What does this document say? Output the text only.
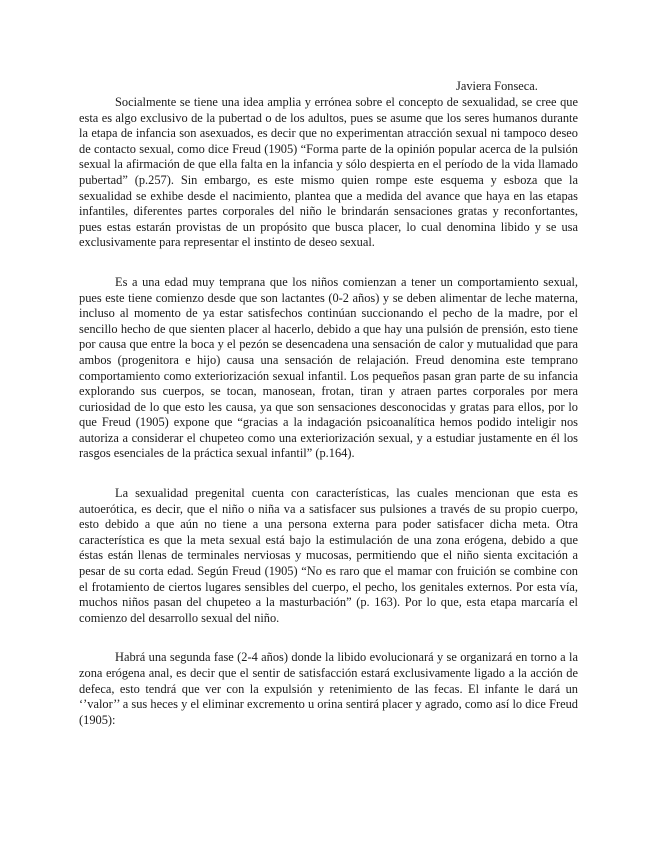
Javiera Fonseca.

Socialmente se tiene una idea amplia y errónea sobre el concepto de sexualidad, se cree que esta es algo exclusivo de la pubertad o de los adultos, pues se asume que los seres humanos durante la etapa de infancia son asexuados, es decir que no experimentan atracción sexual ni tampoco deseo de contacto sexual, como dice Freud (1905) “Forma parte de la opinión popular acerca de la pulsión sexual la afirmación de que ella falta en la infancia y sólo despierta en el período de la vida llamado pubertad” (p.257). Sin embargo, es este mismo quien rompe este esquema y esboza que la sexualidad se exhibe desde el nacimiento, plantea que a medida del avance que haya en las etapas infantiles, diferentes partes corporales del niño le brindarán sensaciones gratas y reconfortantes, pues estas estarán provistas de un propósito que busca placer, lo cual denomina libido y se usa exclusivamente para representar el instinto de deseo sexual.

Es a una edad muy temprana que los niños comienzan a tener un comportamiento sexual, pues este tiene comienzo desde que son lactantes (0-2 años) y se deben alimentar de leche materna, incluso al momento de ya estar satisfechos continúan succionando el pecho de la madre, por el sencillo hecho de que sienten placer al hacerlo, debido a que hay una pulsión de prensión, esto tiene por causa que entre la boca y el pezón se desencadena una sensación de calor y mutualidad que para ambos (progenitora e hijo) causa una sensación de relajación. Freud denomina este temprano comportamiento como exteriorización sexual infantil. Los pequeños pasan gran parte de su infancia explorando sus cuerpos, se tocan, manosean, frotan, tiran y atraen partes corporales por mera curiosidad de lo que esto les causa, ya que son sensaciones desconocidas y gratas para ellos, por lo que Freud (1905) expone que “gracias a la indagación psicoanalítica hemos podido inteligir nos autoriza a considerar el chupeteo como una exteriorización sexual, y a estudiar justamente en él los rasgos esenciales de la práctica sexual infantil” (p.164).

La sexualidad pregenital cuenta con características, las cuales mencionan que esta es autoerótica, es decir, que el niño o niña va a satisfacer sus pulsiones a través de su propio cuerpo, esto debido a que aún no tiene a una persona externa para poder satisfacer dicha meta. Otra característica es que la meta sexual está bajo la estimulación de una zona erógena, debido a que éstas están llenas de terminales nerviosas y mucosas, permitiendo que el niño sienta excitación a pesar de su corta edad. Según Freud (1905) “No es raro que el mamar con fruición se combine con el frotamiento de ciertos lugares sensibles del cuerpo, el pecho, los genitales externos. Por esta vía, muchos niños pasan del chupeteo a la masturbación” (p. 163). Por lo que, esta etapa marcaría el comienzo del desarrollo sexual del niño.

Habrá una segunda fase (2-4 años) donde la libido evolucionará y se organizará en torno a la zona erógena anal, es decir que el sentir de satisfacción estará exclusivamente ligado a la acción de defeca, esto tendrá que ver con la expulsión y retenimiento de las fecas. El infante le dará un ‘’valor’’ a sus heces y el eliminar excremento u orina sentirá placer y agrado, como así lo dice Freud (1905):
